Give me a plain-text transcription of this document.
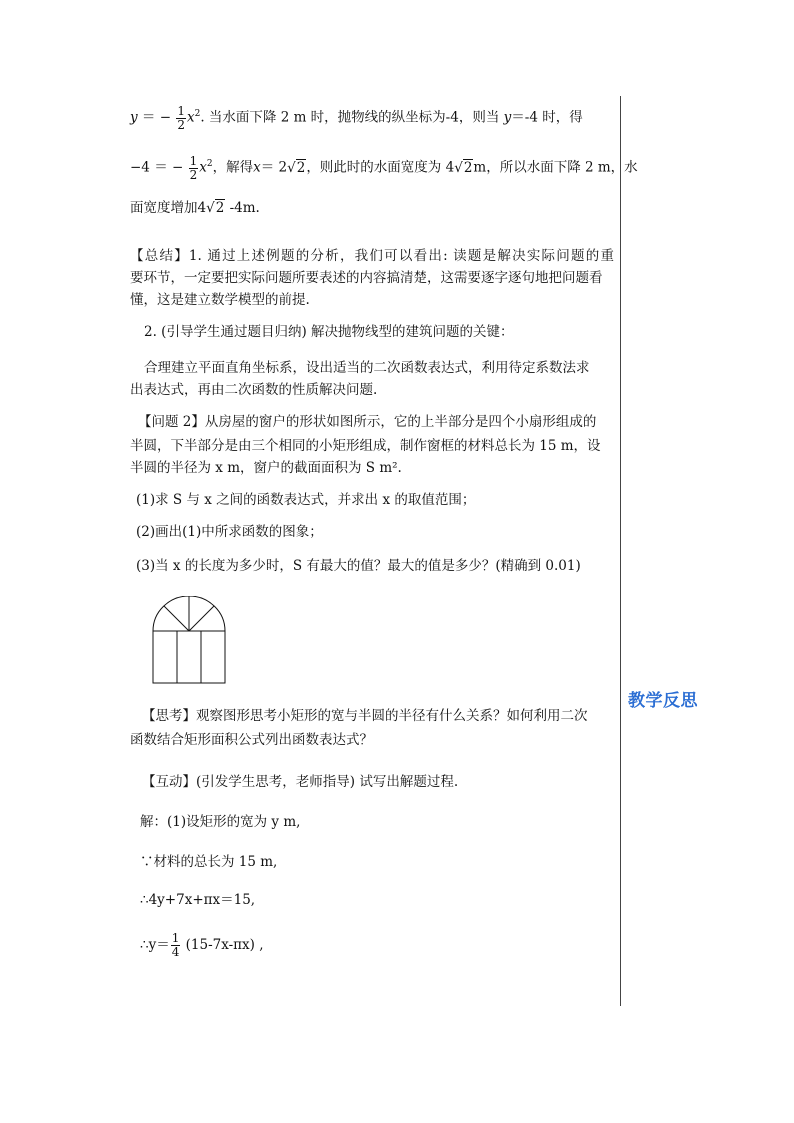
教学反思
y ＝ − $\frac{1}{2} x^2$. 当水面下降 2 m 时，抛物线的纵坐标为-4，则当 y＝-4 时，得
−4 ＝ − $\frac{1}{2} x^2$，解得x＝ 2√2，则此时的水面宽度为 4√2m，所以水面下降 2 m，水
面宽度增加4√2 -4m.
【总结】1. 通过上述例题的分析，我们可以看出: 读题是解决实际问题的重
要环节，一定要把实际问题所要表述的内容搞清楚，这需要逐字逐句地把问题看
懂，这是建立数学模型的前提.
2. (引导学生通过题目归纳) 解决抛物线型的建筑问题的关键：
合理建立平面直角坐标系，设出适当的二次函数表达式，利用待定系数法求
出表达式，再由二次函数的性质解决问题.
【问题 2】从房屋的窗户的形状如图所示，它的上半部分是四个小扇形组成的
半圆，下半部分是由三个相同的小矩形组成，制作窗框的材料总长为 15 m，设
半圆的半径为 x m，窗户的截面面积为 S m².
(1)求 S 与 x 之间的函数表达式，并求出 x 的取值范围；
(2)画出(1)中所求函数的图象；
(3)当 x 的长度为多少时，S 有最大的值？最大的值是多少？(精确到 0.01)
【思考】观察图形思考小矩形的宽与半圆的半径有什么关系？如何利用二次
函数结合矩形面积公式列出函数表达式？
【互动】(引发学生思考，老师指导) 试写出解题过程.
解：(1)设矩形的宽为 y m,
∵材料的总长为 15 m,
∴4y+7x+πx＝15,
∴y＝ $\frac{1}{4} (15-7x-\pi x)$ ,
